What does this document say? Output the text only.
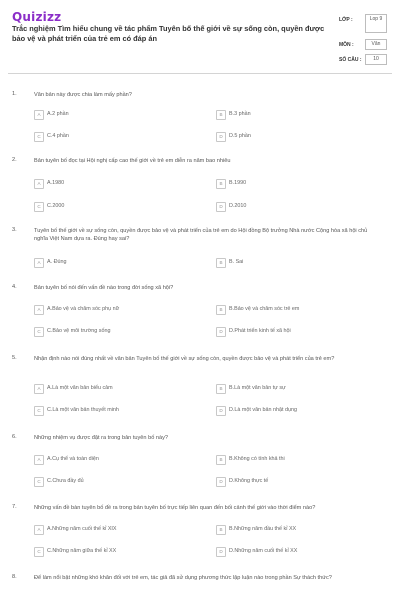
Quizizz
Trắc nghiệm Tìm hiểu chung về tác phẩm Tuyên bố thế giới về sự sống còn, quyền được bảo vệ và phát triển của trẻ em có đáp án
LỚP :	Lop 9
MÔN :	Văn
SỐ CÂU :	10
1.	Văn bản này được chia làm mấy phần?
A	A.2 phần	B	B.3 phần
C	C.4 phần	D	D.5 phần
2.	Bản tuyên bố đọc tại Hội nghị cấp cao thế giới về trẻ em diễn ra năm bao nhiêu
A	A.1980	B	B.1990
C	C.2000	D	D.2010
3.	Tuyên bố thế giới về sự sống còn, quyền được bảo vệ và phát triển của trẻ em do Hội đồng Bộ trưởng Nhà nước Cộng hòa xã hội chủ nghĩa Việt Nam dựa ra. Đúng hay sai?
A	A. Đúng	B	B. Sai
4.	Bản tuyên bố nói đến vấn đề nào trong đời sống xã hội?
A	A.Bảo vệ và chăm sóc phụ nữ	B	B.Bảo vệ và chăm sóc trẻ em
C	C.Bảo vệ môi trường sống	D	D.Phát triển kinh tế xã hội
5.	Nhận định nào nói đúng nhất về văn bản Tuyên bố thế giới về sự sống còn, quyền được bảo vệ và phát triển của trẻ em?
A	A.Là một văn bản biểu cảm	B	B.Là một văn bản tự sự
C	C.Là một văn bản thuyết minh	D	D.Là một văn bản nhật dụng
6.	Những nhiệm vụ được đặt ra trong bản tuyên bố này?
A	A.Cụ thể và toàn diện	B	B.Không có tính khả thi
C	C.Chưa đầy đủ	D	D.Không thực tế
7.	Những vấn đề bàn tuyên bố đề ra trong bản tuyên bố trực tiếp liên quan đến bối cảnh thế giới vào thời điểm nào?
A	A.Những năm cuối thế kỉ XIX	B	B.Những năm đầu thế kỉ XX
C	C.Những năm giữa thế kỉ XX	D	D.Những năm cuối thế kỉ XX
8.	Để làm nổi bật những khó khăn đối với trẻ em, tác giả đã sử dụng phương thức lập luận nào trong phần Sự thách thức?
